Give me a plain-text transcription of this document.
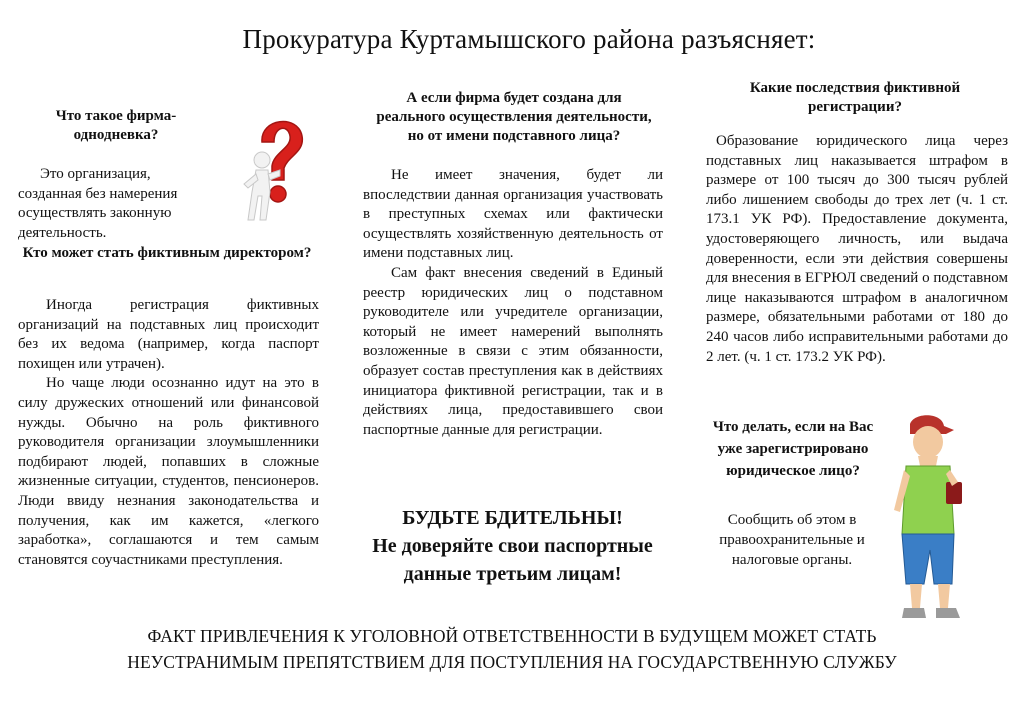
Прокуратура Куртамышского района разъясняет:
Что такое фирма-однодневка?
Это организация, созданная без намерения осуществлять законную деятельность.
Кто может стать фиктивным директором?

Иногда регистрация фиктивных организаций на подставных лиц происходит без их ведома (например, когда паспорт похищен или утрачен).

Но чаще люди осознанно идут на это в силу дружеских отношений или финансовой нужды. Обычно на роль фиктивного руководителя организации злоумышленники подбирают людей, попавших в сложные жизненные ситуации, студентов, пенсионеров. Люди ввиду незнания законодательства и получения, как им кажется, «легкого заработка», соглашаются и тем самым становятся соучастниками преступления.

А если фирма будет создана для реального осуществления деятельности, но от имени подставного лица?

Не имеет значения, будет ли впоследствии данная организация участвовать в преступных схемах или фактически осуществлять хозяйственную деятельность от имени подставных лиц.

Сам факт внесения сведений в Единый реестр юридических лиц о подставном руководителе или учредителе организации, который не имеет намерений выполнять возложенные в связи с этим обязанности, образует состав преступления как в действиях инициатора фиктивной регистрации, так и в действиях лица, предоставившего свои паспортные данные для регистрации.

БУДЬТЕ БДИТЕЛЬНЫ!
Не доверяйте свои паспортные данные третьим лицам!
Какие последствия фиктивной регистрации?
Образование юридического лица через подставных лиц наказывается штрафом в размере от 100 тысяч до 300 тысяч рублей либо лишением свободы до трех лет (ч. 1 ст. 173.1 УК РФ). Предоставление документа, удостоверяющего личность, или выдача доверенности, если эти действия совершены для внесения в ЕГРЮЛ сведений о подставном лице наказываются штрафом в аналогичном размере, обязательными работами от 180 до 240 часов либо исправительными работами до 2 лет. (ч. 1 ст. 173.2 УК РФ).
Что делать, если на Вас уже зарегистрировано юридическое лицо?
Сообщить об этом в правоохранительные и налоговые органы.
ФАКТ ПРИВЛЕЧЕНИЯ К УГОЛОВНОЙ ОТВЕТСТВЕННОСТИ В БУДУЩЕМ МОЖЕТ СТАТЬ
НЕУСТРАНИМЫМ ПРЕПЯТСТВИЕМ ДЛЯ ПОСТУПЛЕНИЯ НА ГОСУДАРСТВЕННУЮ СЛУЖБУ
